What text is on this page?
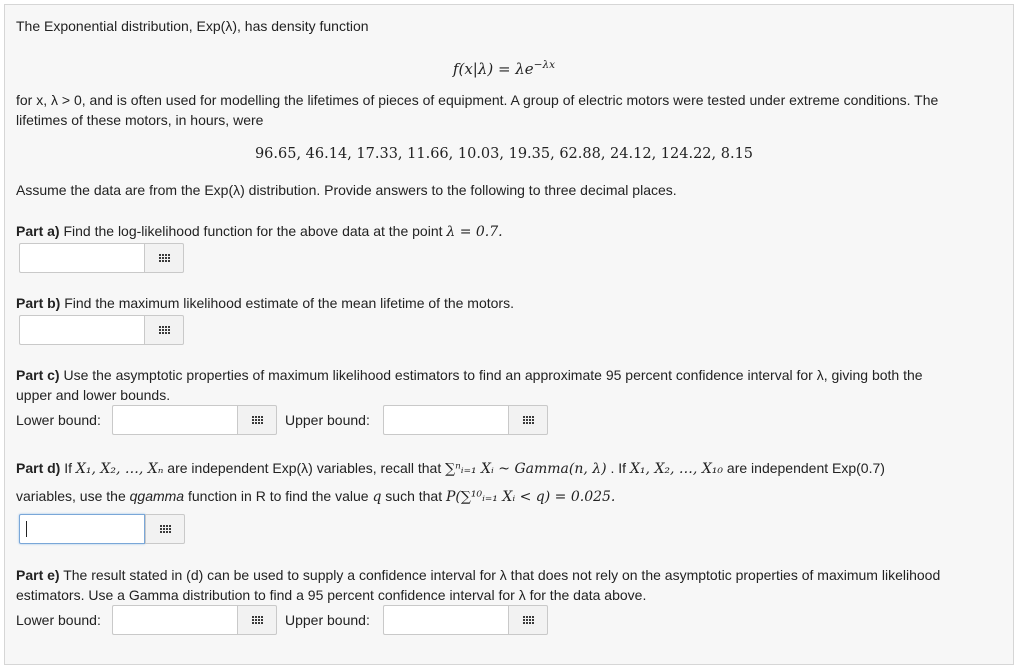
The Exponential distribution, Exp(λ), has density function
$f(x|\lambda) = \lambda e^{-\lambda x}$
for x, λ > 0, and is often used for modelling the lifetimes of pieces of equipment. A group of electric motors were tested under extreme conditions. The
lifetimes of these motors, in hours, were
96.65, 46.14, 17.33, 11.66, 10.03, 19.35, 62.88, 24.12, 124.22, 8.15
Assume the data are from the Exp(λ) distribution. Provide answers to the following to three decimal places.
Part a) Find the log-likelihood function for the above data at the point λ = 0.7.
Part b) Find the maximum likelihood estimate of the mean lifetime of the motors.
Part c) Use the asymptotic properties of maximum likelihood estimators to find an approximate 95 percent confidence interval for λ, giving both the
upper and lower bounds.
Lower bound:	Upper bound:
Part d) If X₁, X₂, …, Xₙ are independent Exp(λ) variables, recall that ∑ⁿᵢ₌₁ Xᵢ ~ Gamma(n, λ) . If X₁, X₂, …, X₁₀ are independent Exp(0.7)
variables, use the qgamma function in R to find the value q such that P(∑¹⁰ᵢ₌₁ Xᵢ < q) = 0.025.
Part e) The result stated in (d) can be used to supply a confidence interval for λ that does not rely on the asymptotic properties of maximum likelihood
estimators. Use a Gamma distribution to find a 95 percent confidence interval for λ for the data above.
Lower bound:	Upper bound:
